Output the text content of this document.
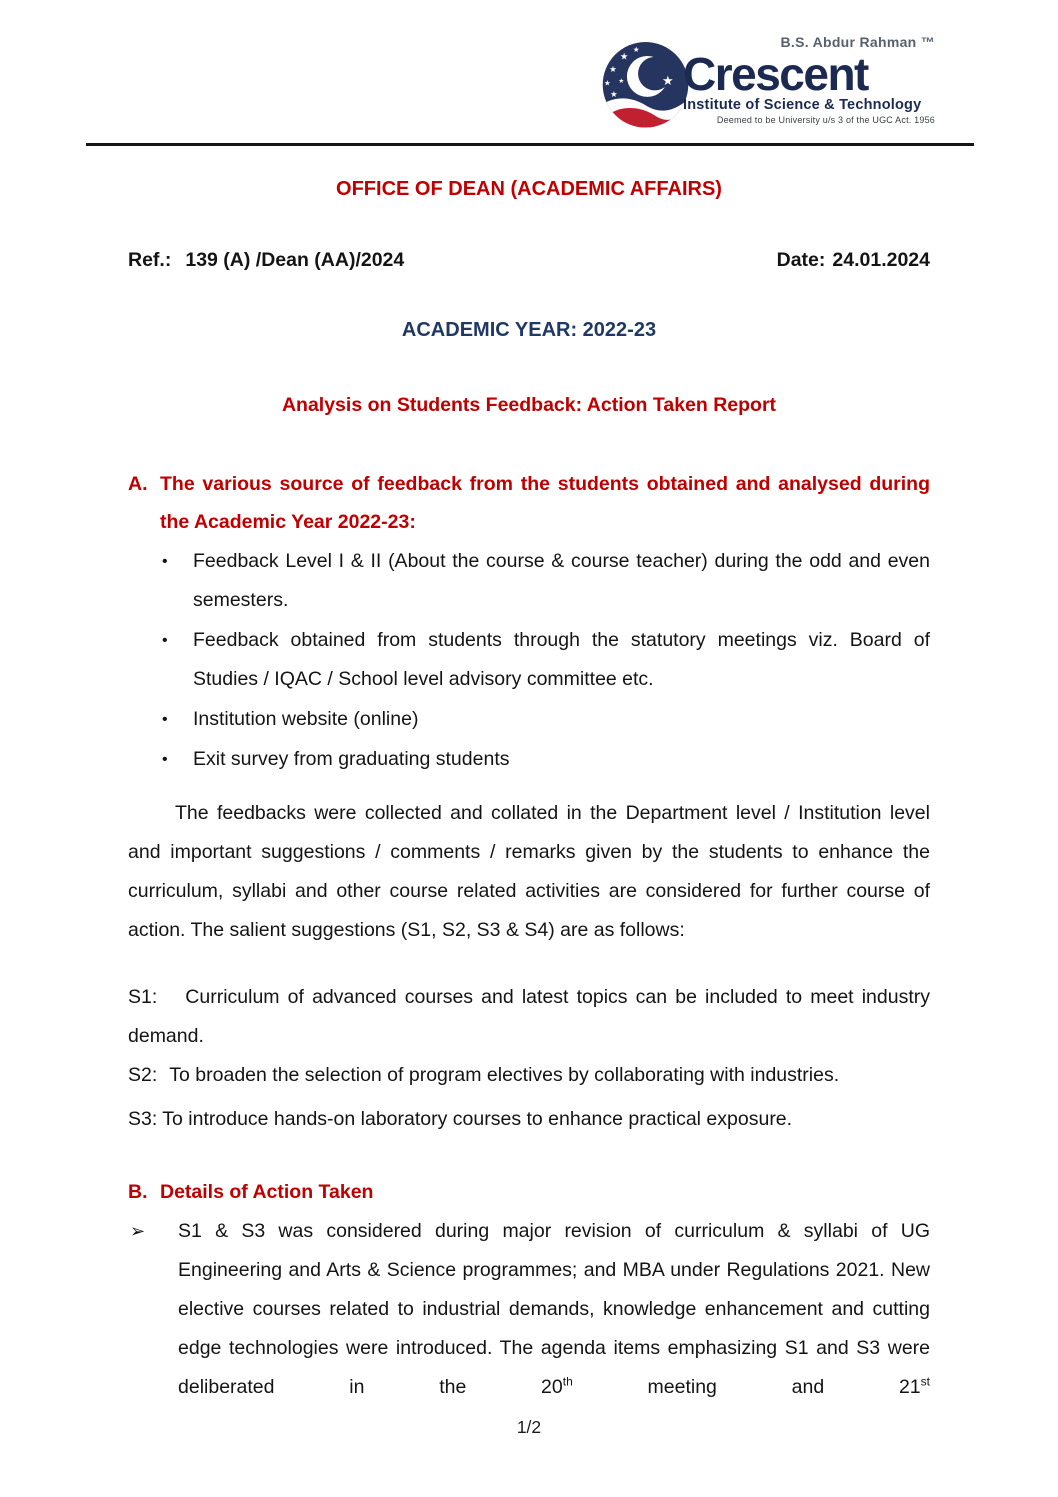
★
★
★
★ ★
★
★	B.S. Abdur Rahman ™
Crescent
Institute of Science & Technology
Deemed to be University u/s 3 of the UGC Act. 1956
OFFICE OF DEAN (ACADEMIC AFFAIRS)
Ref.: 139 (A) /Dean (AA)/2024	Date: 24.01.2024
ACADEMIC YEAR: 2022-23
Analysis on Students Feedback: Action Taken Report
A. The various source of feedback from the students obtained and analysed during the Academic Year 2022-23:
•	Feedback Level I & II (About the course & course teacher) during the odd and even semesters.
•	Feedback obtained from students through the statutory meetings viz. Board of Studies / IQAC / School level advisory committee etc.
•	Institution website (online)
•	Exit survey from graduating students
The feedbacks were collected and collated in the Department level / Institution level and important suggestions / comments / remarks given by the students to enhance the curriculum, syllabi and other course related activities are considered for further course of action. The salient suggestions (S1, S2, S3 & S4) are as follows:
S1: Curriculum of advanced courses and latest topics can be included to meet industry demand.
S2: To broaden the selection of program electives by collaborating with industries.
S3: To introduce hands-on laboratory courses to enhance practical exposure.
B. Details of Action Taken
➢	S1 & S3 was considered during major revision of curriculum & syllabi of UG Engineering and Arts & Science programmes; and MBA under Regulations 2021. New elective courses related to industrial demands, knowledge enhancement and cutting edge technologies were introduced. The agenda items emphasizing S1 and S3 were deliberated in the 20th meeting and 21st
1/2
